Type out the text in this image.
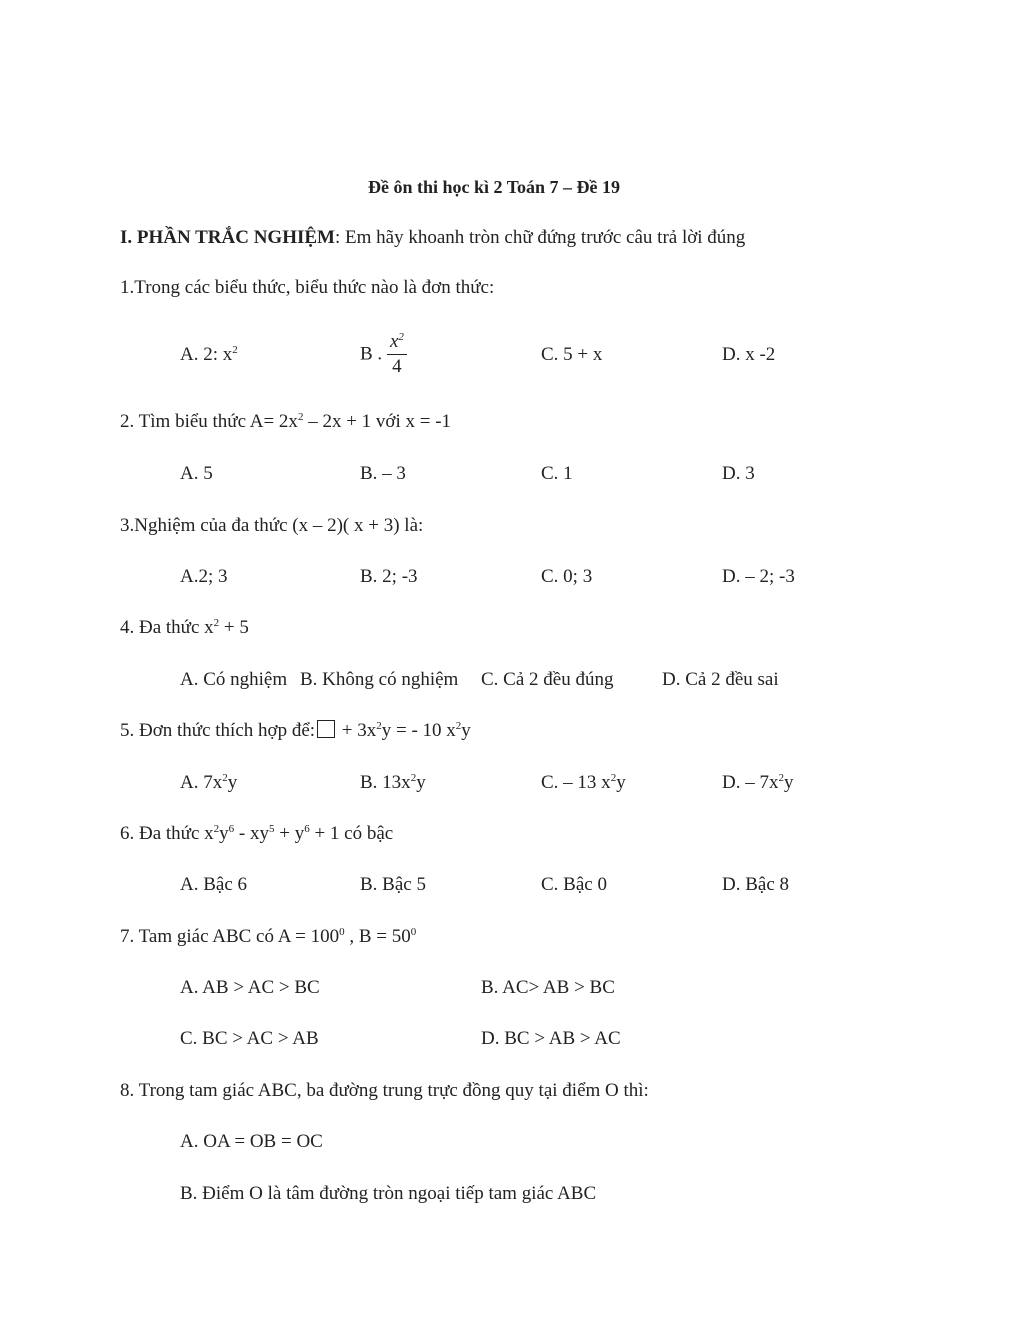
Đề ôn thi học kì 2 Toán 7 – Đề 19
I. PHẦN TRẮC NGHIỆM: Em hãy khoanh tròn chữ đứng trước câu trả lời đúng
1.Trong các biểu thức, biểu thức nào là đơn thức:
A. 2: $x^2$	B . $\frac{x^2}{4}$	C. 5 + x	D. x -2
2. Tìm biểu thức $A= 2x^2 - 2x + 1$ với x = -1
A. 5	B. – 3	C. 1	D. 3
3.Nghiệm của đa thức (x – 2)( x + 3) là:
A.2; 3	B. 2; -3	C. 0; 3	D. – 2; -3
4. Đa thức $x^2 + 5$
A. Có nghiệm B. Không có nghiệm C. Cả 2 đều đúng	D. Cả 2 đều sai
5. Đơn thức thích hợp để: + $3x^2y$ = - 10 $x^2y$
A. $7x^2y$	B. $13x^2y$	C. – 13 $x^2y$	D. – $7x^2y$
6. Đa thức $x^2y^6 - xy^5 + y^6 + 1$ có bậc
A. Bậc 6	B. Bậc 5	C. Bậc 0	D. Bậc 8
7. Tam giác ABC có $A = 100^0$ , $B = 50^0$
A. AB > AC > BC	B. AC> AB > BC
C. BC > AC > AB	D. BC > AB > AC
8. Trong tam giác ABC, ba đường trung trực đồng quy tại điểm O thì:
A. OA = OB = OC
B. Điểm O là tâm đường tròn ngoại tiếp tam giác ABC
